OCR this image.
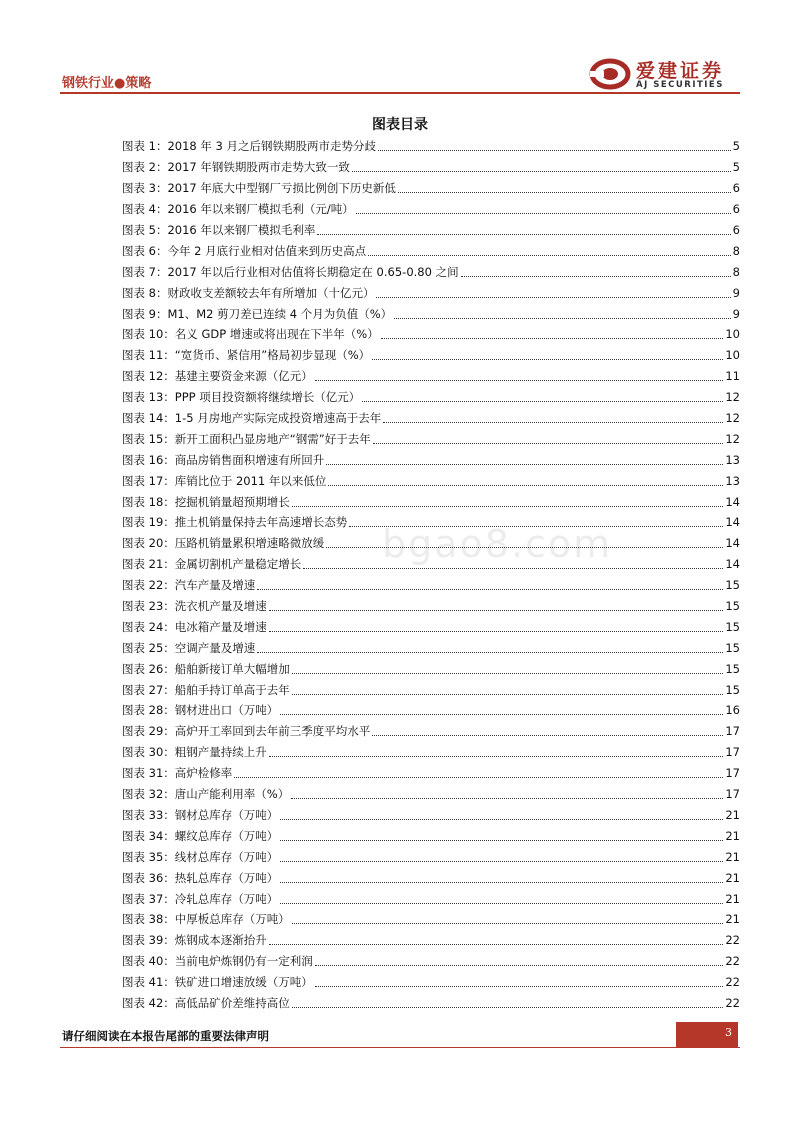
钢铁行业●策略
爱建证券
AJ SECURITIES
bgao8.com
图表目录
图表 1： 2018 年 3 月之后钢铁期股两市走势分歧	5
图表 2： 2017 年钢铁期股两市走势大致一致	5
图表 3： 2017 年底大中型钢厂亏损比例创下历史新低	6
图表 4： 2016 年以来钢厂模拟毛利（元/吨）	6
图表 5： 2016 年以来钢厂模拟毛利率	6
图表 6： 今年 2 月底行业相对估值来到历史高点	8
图表 7： 2017 年以后行业相对估值将长期稳定在 0.65-0.80 之间	8
图表 8： 财政收支差额较去年有所增加（十亿元）	9
图表 9： M1、M2 剪刀差已连续 4 个月为负值（%）	9
图表 10： 名义 GDP 增速或将出现在下半年（%）	10
图表 11： “宽货币、紧信用”格局初步显现（%）	10
图表 12： 基建主要资金来源（亿元）	11
图表 13： PPP 项目投资额将继续增长（亿元）	12
图表 14： 1-5 月房地产实际完成投资增速高于去年	12
图表 15： 新开工面积凸显房地产“钢需”好于去年	12
图表 16： 商品房销售面积增速有所回升	13
图表 17： 库销比位于 2011 年以来低位	13
图表 18： 挖掘机销量超预期增长	14
图表 19： 推土机销量保持去年高速增长态势	14
图表 20： 压路机销量累积增速略微放缓	14
图表 21： 金属切割机产量稳定增长	14
图表 22： 汽车产量及增速	15
图表 23： 洗衣机产量及增速	15
图表 24： 电冰箱产量及增速	15
图表 25： 空调产量及增速	15
图表 26： 船舶新接订单大幅增加	15
图表 27： 船舶手持订单高于去年	15
图表 28： 钢材进出口（万吨）	16
图表 29： 高炉开工率回到去年前三季度平均水平	17
图表 30： 粗钢产量持续上升	17
图表 31： 高炉检修率	17
图表 32： 唐山产能利用率（%）	17
图表 33： 钢材总库存（万吨）	21
图表 34： 螺纹总库存（万吨）	21
图表 35： 线材总库存（万吨）	21
图表 36： 热轧总库存（万吨）	21
图表 37： 冷轧总库存（万吨）	21
图表 38： 中厚板总库存（万吨）	21
图表 39： 炼钢成本逐渐抬升	22
图表 40： 当前电炉炼钢仍有一定利润	22
图表 41： 铁矿进口增速放缓（万吨）	22
图表 42： 高低品矿价差维持高位	22
请仔细阅读在本报告尾部的重要法律声明	3
